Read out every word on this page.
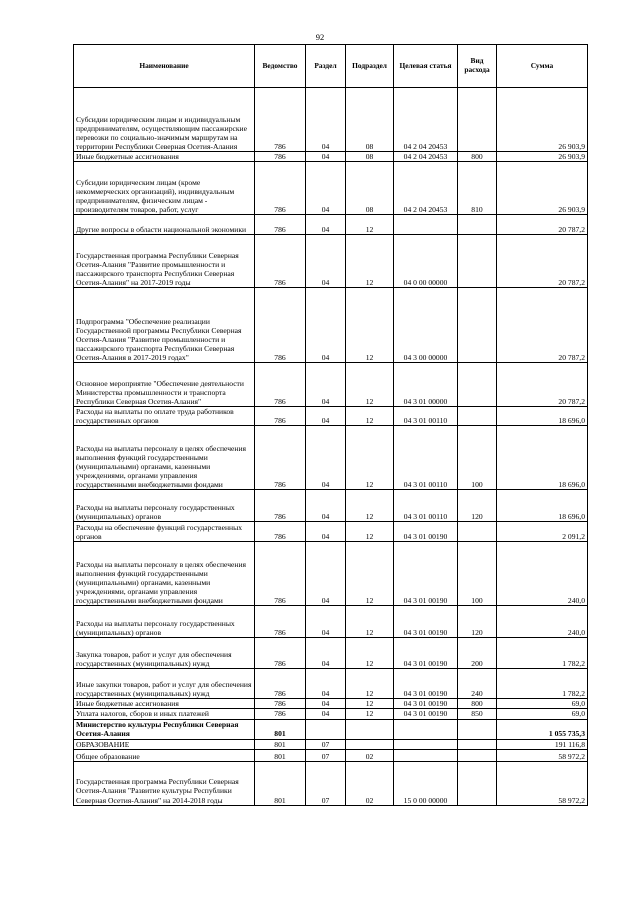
92
Наименование	Ведомство	Раздел	Подраздел	Целевая статья	Вид расхода	Сумма
Субсидии юридическим лицам и индивидуальным предпринимателям, осуществляющим пассажирские перевозки по социально-значимым маршрутам на территории Республики Северная Осетия-Алания	786	04	08	04 2 04 20453		26 903,9
Иные бюджетные ассигнования	786	04	08	04 2 04 20453	800	26 903,9
Субсидии юридическим лицам (кроме некоммерческих организаций), индивидуальным предпринимателям, физическим лицам - производителям товаров, работ, услуг	786	04	08	04 2 04 20453	810	26 903,9
Другие вопросы в области национальной экономики	786	04	12			20 787,2
Государственная программа Республики Северная Осетия-Алания "Развитие промышленности и пассажирского транспорта Республики Северная Осетия-Алания" на 2017-2019 годы	786	04	12	04 0 00 00000		20 787,2
Подпрограмма "Обеспечение реализации Государственной программы Республики Северная Осетия-Алания "Развитие промышленности и пассажирского транспорта Республики Северная Осетия-Алания в 2017-2019 годах"	786	04	12	04 3 00 00000		20 787,2
Основное мероприятие "Обеспечение деятельности Министерства промышленности и транспорта Республики Северная Осетия-Алания"	786	04	12	04 3 01 00000		20 787,2
Расходы на выплаты по оплате труда работников государственных органов	786	04	12	04 3 01 00110		18 696,0
Расходы на выплаты персоналу в целях обеспечения выполнения функций государственными (муниципальными) органами, казенными учреждениями, органами управления государственными внебюджетными фондами	786	04	12	04 3 01 00110	100	18 696,0
Расходы на выплаты персоналу государственных (муниципальных) органов	786	04	12	04 3 01 00110	120	18 696,0
Расходы на обеспечение функций государственных органов	786	04	12	04 3 01 00190		2 091,2
Расходы на выплаты персоналу в целях обеспечения выполнения функций государственными (муниципальными) органами, казенными учреждениями, органами управления государственными внебюджетными фондами	786	04	12	04 3 01 00190	100	240,0
Расходы на выплаты персоналу государственных (муниципальных) органов	786	04	12	04 3 01 00190	120	240,0
Закупка товаров, работ и услуг для обеспечения государственных (муниципальных) нужд	786	04	12	04 3 01 00190	200	1 782,2
Иные закупки товаров, работ и услуг для обеспечения государственных (муниципальных) нужд	786	04	12	04 3 01 00190	240	1 782,2
Иные бюджетные ассигнования	786	04	12	04 3 01 00190	800	69,0
Уплата налогов, сборов и иных платежей	786	04	12	04 3 01 00190	850	69,0
Министерство культуры Республики Северная Осетия-Алания	801					1 055 735,3
ОБРАЗОВАНИЕ	801	07				191 116,8
Общее образование	801	07	02			58 972,2
Государственная программа Республики Северная Осетия-Алания "Развитие культуры Республики Северная Осетия-Алания" на 2014-2018 годы	801	07	02	15 0 00 00000		58 972,2
